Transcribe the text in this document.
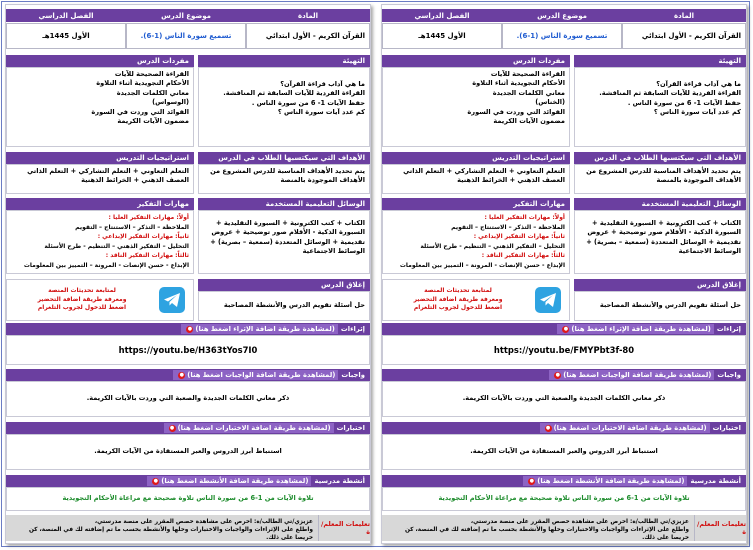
المادة
موضوع الدرس
الفصل الدراسي
القرآن الكريم - الأول ابتدائي
تسميع سورة الناس (1-6).
الأول 1445هـ
التهيئة
ما هي آداب قراءة القرآن؟
القراءة الفردية للآيات السابقة ثم المناقشة.
حفظ الآيات 1- 6 من سورة الناس .
كم عدد آيات سورة الناس ؟
مفردات الدرس
القراءة الصحيحة للآيات
الأحكام التجويدية أثناء التلاوة
معاني الكلمات الجديدة
(الوسواس)
الفوائد التي وردت في السورة
مضمون الآيات الكريمة
الأهداف التي سيكتسبها الطلاب في الدرس
يتم تحديد الأهداف المناسبة للدرس المشروع من الأهداف الموجودة بالمنصة
استراتيجيات التدريس
التعلم التعاوني + التعلم التشاركي + التعلم الذاتي العصف الذهني + الخرائط الذهنية
الوسائل التعليمية المستخدمة
الكتاب + كتب الكترونية + السبورة التقليدية + السبورة الذكية - الأقلام صور توضيحية + عروض تقديمية + الوسائل المتعددة (سمعية – بصرية) + الوسائط الاجتماعية
مهارات التفكير
أولاً: مهارات التفكير العليا :
الملاحظة – التذكر – الاستنتاج – التقويم
ثانياً: مهارات التفكير الإبداعي :
التحليل – التفكير الذهني – التنظيم - طرح الأسئلة
ثالثاً: مهارات التفكير الناقد :
الإبداع - حسن الإنصات - المرونة – التمييز بين المعلومات
إغلاق الدرس
حل أسئلة تقويم الدرس والأنشطة المصاحبة
لمتابعة تحديثات المنصة
ومعرفة طريقة اضافة التحضير
اضغط للدخول لجروب التلغرام
إثراءات
(لمشاهدة طريقة اضافة الإثراء اضغط هنا)●
https://youtu.be/H363tYos7I0
واجبات
(لمشاهدة طريقة اضافة الواجبات اضغط هنا)●
ذكر معاني الكلمات الجديدة والصعبة التي وردت بالآيات الكريمة.
اختبارات
(لمشاهدة طريقة اضافة الاختبارات اضغط هنا)●
استنباط أبرز الدروس والعبر المستفادة من الآيات الكريمة.
أنشطة مدرسية
(لمشاهدة طريقة اضافة الأنشطة اضغط هنا)●
تلاوة الآيات من 1-6 من سورة الناس تلاوة صحيحة مع مراعاة الأحكام التجويدية
تعليمات المعلم/ة
عزيزي/تي الطالب/ة: احرص على مشاهدة حصص المقرر على منصة مدرستي،
واطلع على الإثراءات والواجبات والاختبارات وحلها والأنشطة بحسب ما تم إضافته لك في المنصة، كن حريصا على ذلك.
المادة
موضوع الدرس
الفصل الدراسي
القرآن الكريم - الأول ابتدائي
تسميع سورة الناس (1-6).
الأول 1445هـ
التهيئة
ما هي آداب قراءة القرآن؟
القراءة الفردية للآيات السابقة ثم المناقشة.
حفظ الآيات 1- 6 من سورة الناس .
كم عدد آيات سورة الناس ؟
مفردات الدرس
القراءة الصحيحة للآيات
الأحكام التجويدية أثناء التلاوة
معاني الكلمات الجديدة
(الخناس)
الفوائد التي وردت في السورة
مضمون الآيات الكريمة
الأهداف التي سيكتسبها الطلاب في الدرس
يتم تحديد الأهداف المناسبة للدرس المشروع من الأهداف الموجودة بالمنصة
استراتيجيات التدريس
التعلم التعاوني + التعلم التشاركي + التعلم الذاتي العصف الذهني + الخرائط الذهنية
الوسائل التعليمية المستخدمة
الكتاب + كتب الكترونية + السبورة التقليدية + السبورة الذكية - الأقلام صور توضيحية + عروض تقديمية + الوسائل المتعددة (سمعية – بصرية) + الوسائط الاجتماعية
مهارات التفكير
أولاً: مهارات التفكير العليا :
الملاحظة – التذكر – الاستنتاج – التقويم
ثانياً: مهارات التفكير الإبداعي :
التحليل – التفكير الذهني – التنظيم - طرح الأسئلة
ثالثاً: مهارات التفكير الناقد :
الإبداع - حسن الإنصات - المرونة – التمييز بين المعلومات
إغلاق الدرس
حل أسئلة تقويم الدرس والأنشطة المصاحبة
لمتابعة تحديثات المنصة
ومعرفة طريقة اضافة التحضير
اضغط للدخول لجروب التلغرام
إثراءات
(لمشاهدة طريقة اضافة الإثراء اضغط هنا)●
https://youtu.be/FMYPbt3f-80
واجبات
(لمشاهدة طريقة اضافة الواجبات اضغط هنا)●
ذكر معاني الكلمات الجديدة والصعبة التي وردت بالآيات الكريمة.
اختبارات
(لمشاهدة طريقة اضافة الاختبارات اضغط هنا)●
استنباط أبرز الدروس والعبر المستفادة من الآيات الكريمة.
أنشطة مدرسية
(لمشاهدة طريقة اضافة الأنشطة اضغط هنا)●
تلاوة الآيات من 1-6 من سورة الناس تلاوة صحيحة مع مراعاة الأحكام التجويدية
تعليمات المعلم/ة
عزيزي/تي الطالب/ة: احرص على مشاهدة حصص المقرر على منصة مدرستي،
واطلع على الإثراءات والواجبات والاختبارات وحلها والأنشطة بحسب ما تم إضافته لك في المنصة، كن حريصا على ذلك.
